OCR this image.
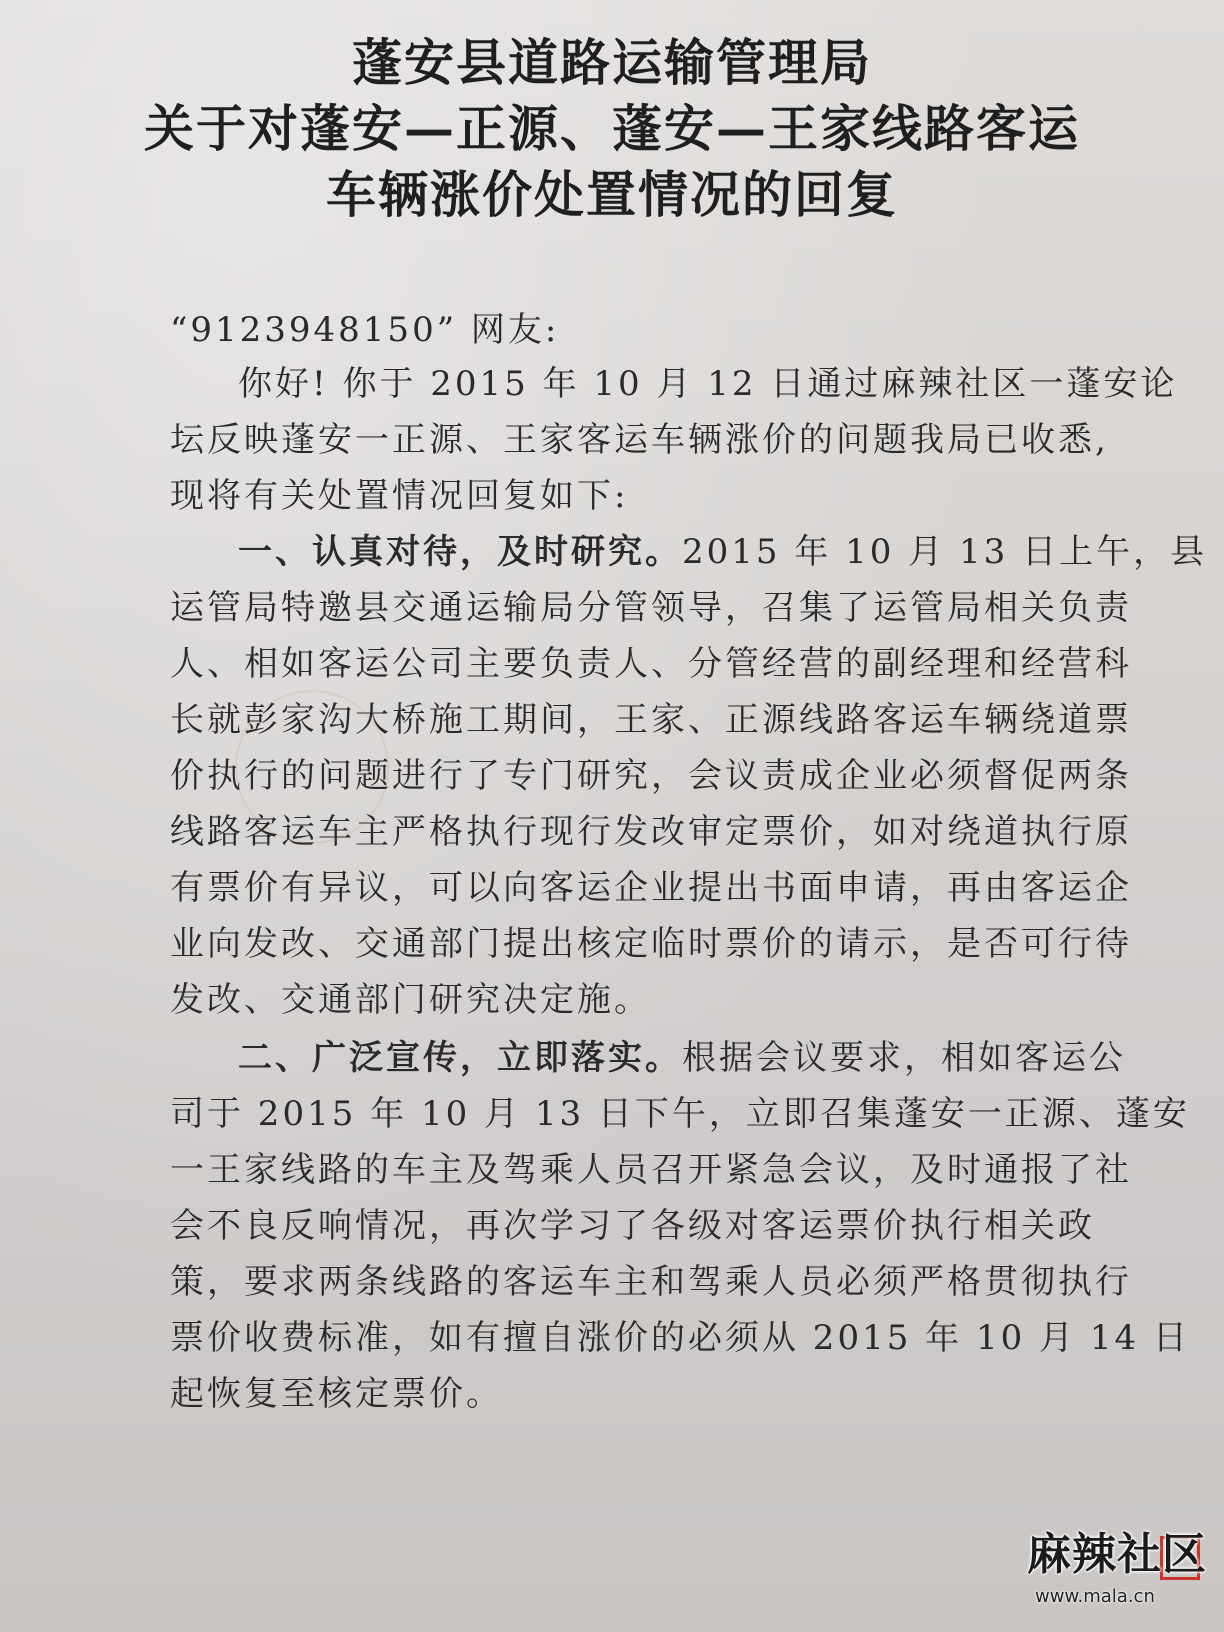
蓬安县道路运输管理局
关于对蓬安—正源、蓬安—王家线路客运
车辆涨价处置情况的回复
“9123948150” 网友:
你好! 你于 2015 年 10 月 12 日通过麻辣社区一蓬安论
坛反映蓬安一正源、王家客运车辆涨价的问题我局已收悉,
现将有关处置情况回复如下:
一、认真对待，及时研究。2015 年 10 月 13 日上午，县
运管局特邀县交通运输局分管领导，召集了运管局相关负责
人、相如客运公司主要负责人、分管经营的副经理和经营科
长就彭家沟大桥施工期间，王家、正源线路客运车辆绕道票
价执行的问题进行了专门研究，会议责成企业必须督促两条
线路客运车主严格执行现行发改审定票价，如对绕道执行原
有票价有异议，可以向客运企业提出书面申请，再由客运企
业向发改、交通部门提出核定临时票价的请示，是否可行待
发改、交通部门研究决定施。
二、广泛宣传，立即落实。根据会议要求，相如客运公
司于 2015 年 10 月 13 日下午，立即召集蓬安一正源、蓬安
一王家线路的车主及驾乘人员召开紧急会议，及时通报了社
会不良反响情况，再次学习了各级对客运票价执行相关政
策，要求两条线路的客运车主和驾乘人员必须严格贯彻执行
票价收费标准，如有擅自涨价的必须从 2015 年 10 月 14 日
起恢复至核定票价。
麻辣社区
www.mala.cn
